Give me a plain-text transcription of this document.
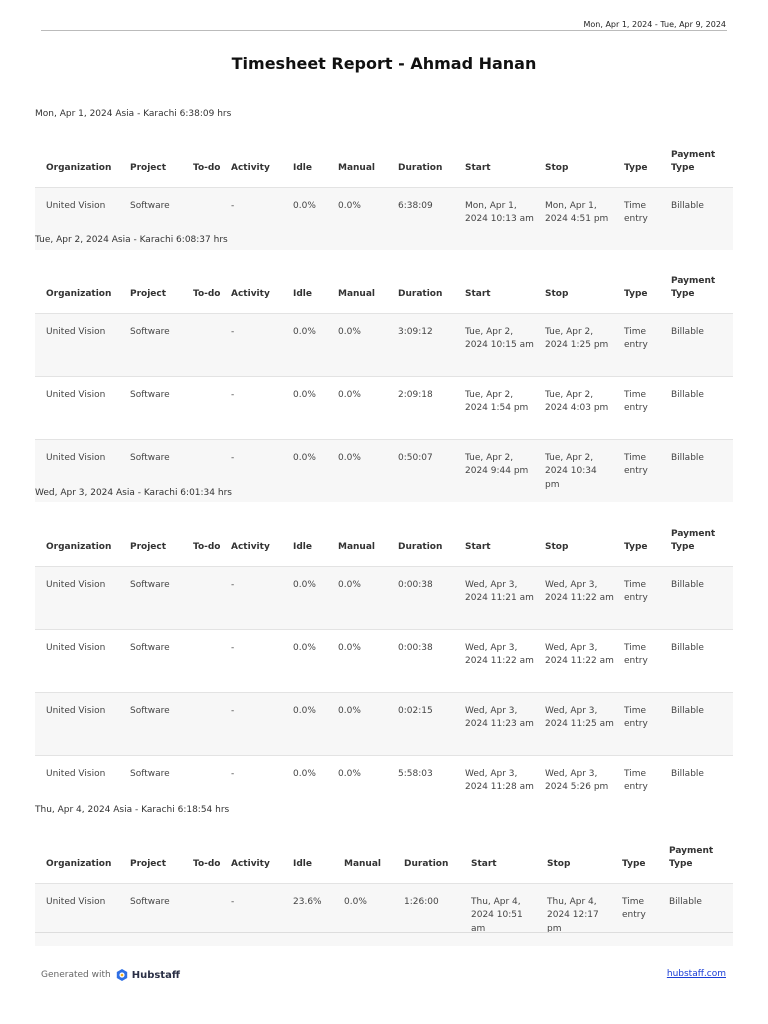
Mon, Apr 1, 2024 - Tue, Apr 9, 2024
Timesheet Report - Ahmad Hanan
Mon, Apr 1, 2024 Asia - Karachi 6:38:09 hrs
Organization	Project	To-do	Activity	Idle	Manual	Duration	Start	Stop	Type	Payment Type
United Vision	Software		-	0.0%	0.0%	6:38:09	Mon, Apr 1, 2024 10:13 am	Mon, Apr 1, 2024 4:51 pm	Time entry	Billable
Tue, Apr 2, 2024 Asia - Karachi 6:08:37 hrs
Organization	Project	To-do	Activity	Idle	Manual	Duration	Start	Stop	Type	Payment Type
United Vision	Software		-	0.0%	0.0%	3:09:12	Tue, Apr 2, 2024 10:15 am	Tue, Apr 2, 2024 1:25 pm	Time entry	Billable
United Vision	Software		-	0.0%	0.0%	2:09:18	Tue, Apr 2, 2024 1:54 pm	Tue, Apr 2, 2024 4:03 pm	Time entry	Billable
United Vision	Software		-	0.0%	0.0%	0:50:07	Tue, Apr 2, 2024 9:44 pm	Tue, Apr 2, 2024 10:34 pm	Time entry	Billable
Wed, Apr 3, 2024 Asia - Karachi 6:01:34 hrs
Organization	Project	To-do	Activity	Idle	Manual	Duration	Start	Stop	Type	Payment Type
United Vision	Software		-	0.0%	0.0%	0:00:38	Wed, Apr 3, 2024 11:21 am	Wed, Apr 3, 2024 11:22 am	Time entry	Billable
United Vision	Software		-	0.0%	0.0%	0:00:38	Wed, Apr 3, 2024 11:22 am	Wed, Apr 3, 2024 11:22 am	Time entry	Billable
United Vision	Software		-	0.0%	0.0%	0:02:15	Wed, Apr 3, 2024 11:23 am	Wed, Apr 3, 2024 11:25 am	Time entry	Billable
United Vision	Software		-	0.0%	0.0%	5:58:03	Wed, Apr 3, 2024 11:28 am	Wed, Apr 3, 2024 5:26 pm	Time entry	Billable
Thu, Apr 4, 2024 Asia - Karachi 6:18:54 hrs
Organization	Project	To-do	Activity	Idle	Manual	Duration	Start	Stop	Type	Payment Type
United Vision	Software		-	23.6%	0.0%	1:26:00	Thu, Apr 4, 2024 10:51 am	Thu, Apr 4, 2024 12:17 pm	Time entry	Billable
Generated with Hubstaff	hubstaff.com
